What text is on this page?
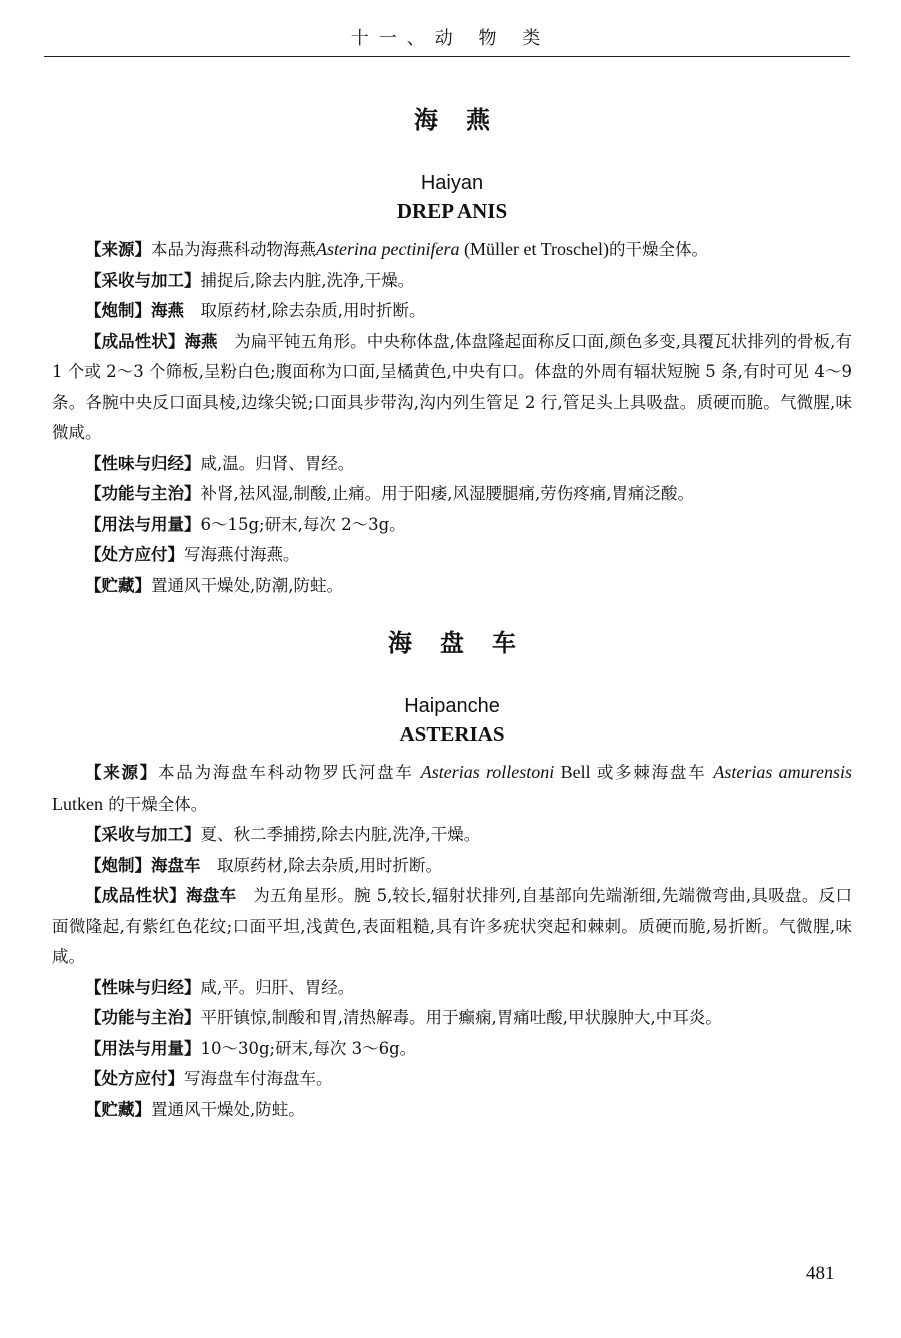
十一、动 物 类
海燕
Haiyan
DREP ANIS

【来源】本品为海燕科动物海燕Asterina pectinifera (Müller et Troschel)的干燥全体。

【采收与加工】捕捉后,除去内脏,洗净,干燥。

【炮制】海燕　取原药材,除去杂质,用时折断。

【成品性状】海燕　为扁平钝五角形。中央称体盘,体盘隆起面称反口面,颜色多变,具覆瓦状排列的骨板,有 1 个或 2～3 个筛板,呈粉白色;腹面称为口面,呈橘黄色,中央有口。体盘的外周有辐状短腕 5 条,有时可见 4～9 条。各腕中央反口面具棱,边缘尖锐;口面具步带沟,沟内列生管足 2 行,管足头上具吸盘。质硬而脆。气微腥,味微咸。

【性味与归经】咸,温。归肾、胃经。

【功能与主治】补肾,祛风湿,制酸,止痛。用于阳痿,风湿腰腿痛,劳伤疼痛,胃痛泛酸。

【用法与用量】6～15g;研末,每次 2～3g。

【处方应付】写海燕付海燕。

【贮藏】置通风干燥处,防潮,防蛀。

海盘车
Haipanche
ASTERIAS

【来源】本品为海盘车科动物罗氏河盘车 Asterias rollestoni Bell 或多棘海盘车 Asterias amurensis Lutken 的干燥全体。

【采收与加工】夏、秋二季捕捞,除去内脏,洗净,干燥。

【炮制】海盘车　取原药材,除去杂质,用时折断。

【成品性状】海盘车　为五角星形。腕 5,较长,辐射状排列,自基部向先端渐细,先端微弯曲,具吸盘。反口面微隆起,有紫红色花纹;口面平坦,浅黄色,表面粗糙,具有许多疣状突起和棘刺。质硬而脆,易折断。气微腥,味咸。

【性味与归经】咸,平。归肝、胃经。

【功能与主治】平肝镇惊,制酸和胃,清热解毒。用于癫痫,胃痛吐酸,甲状腺肿大,中耳炎。

【用法与用量】10～30g;研末,每次 3～6g。

【处方应付】写海盘车付海盘车。

【贮藏】置通风干燥处,防蛀。

481
